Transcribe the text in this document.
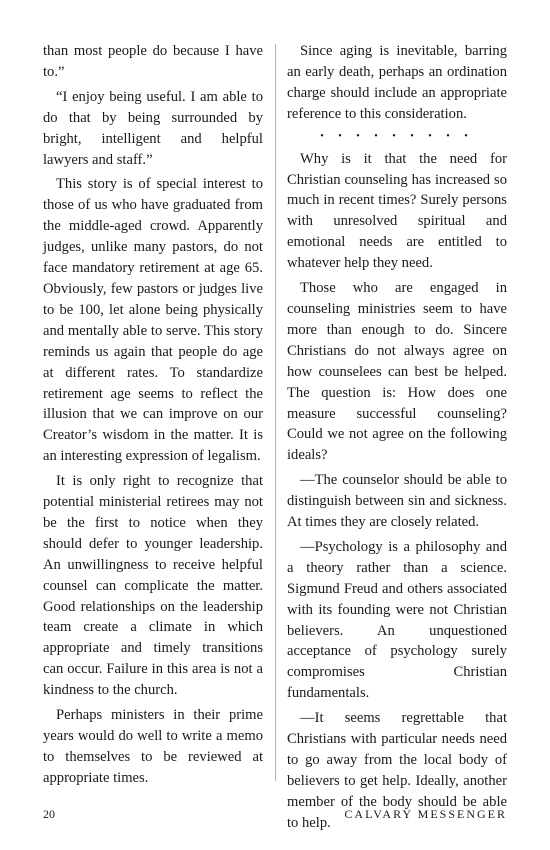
than most people do because I have to.”

“I enjoy being useful. I am able to do that by being surrounded by bright, intelligent and helpful lawyers and staff.”

This story is of special interest to those of us who have graduated from the middle-aged crowd. Apparently judges, unlike many pastors, do not face mandatory retirement at age 65. Obviously, few pastors or judges live to be 100, let alone being physically and mentally able to serve. This story reminds us again that people do age at different rates. To standardize retirement age seems to reflect the illusion that we can improve on our Creator’s wisdom in the matter. It is an interesting expression of legalism.

It is only right to recognize that potential ministerial retirees may not be the first to notice when they should defer to younger leadership. An unwillingness to receive helpful counsel can complicate the matter. Good relationships on the leadership team create a climate in which appropriate and timely transitions can occur. Failure in this area is not a kindness to the church.

Perhaps ministers in their prime years would do well to write a memo to themselves to be reviewed at appropriate times.

Since aging is inevitable, barring an early death, perhaps an ordination charge should include an appropriate reference to this consideration.

• • • • • • • • •

Why is it that the need for Christian counseling has increased so much in recent times? Surely persons with unresolved spiritual and emotional needs are entitled to whatever help they need.

Those who are engaged in counseling ministries seem to have more than enough to do. Sincere Christians do not always agree on how counselees can best be helped. The question is: How does one measure successful counseling? Could we not agree on the following ideals?

—The counselor should be able to distinguish between sin and sickness. At times they are closely related.

—Psychology is a philosophy and a theory rather than a science. Sigmund Freud and others associated with its founding were not Christian believers. An unquestioned acceptance of psychology surely compromises Christian fundamentals.

—It seems regrettable that Christians with particular needs need to go away from the local body of believers to get help. Ideally, another member of the body should be able to help.

20	CALVARY MESSENGER
